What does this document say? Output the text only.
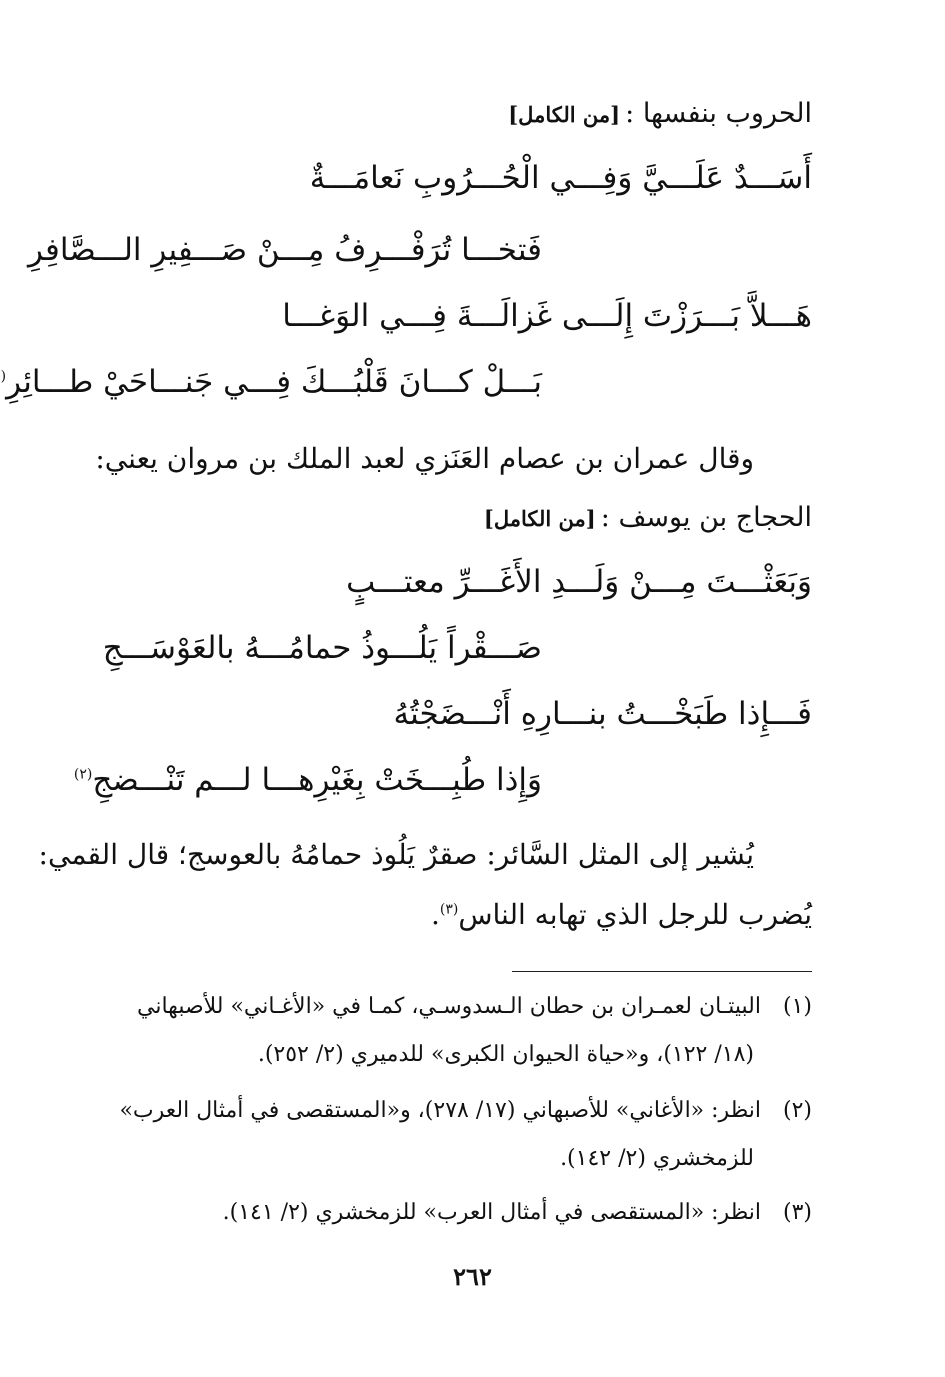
الحروب بنفسها : [من الكامل]
أَسَـــدٌ عَلَـــيَّ وَفِـــي الْحُـــرُوبِ نَعامَـــةٌ
فَتخـــا تُرَفْـــرِفُ مِـــنْ صَـــفِيرِ الـــصَّافِرِ
هَـــلاَّ بَـــرَزْتَ إِلَـــى غَزالَـــةَ فِـــي الوَغـــا
بَـــلْ كـــانَ قَلْبُـــكَ فِـــي جَنـــاحَيْ طـــائِرِ(
وقال عمران بن عصام العَنَزي لعبد الملك بن مروان يعني:
الحجاج بن يوسف : [من الكامل]
وَبَعَثْـــتَ مِـــنْ وَلَـــدِ الأَغَـــرِّ معتـــبٍ
صَـــقْراً يَلُـــوذُ حمامُـــهُ بالعَوْسَـــجِ
فَـــإِذا طَبَخْـــتُ بنـــارِهِ أَنْـــضَجْتُهُ
وَإِذا طُبِـــخَتْ بِغَيْرِهـــا لـــم تَنْـــضجِ$^{(٢)}$
يُشير إلى المثل السَّائر: صقرٌ يَلُوذ حمامُهُ بالعوسج؛ قال القمي:
يُضرب للرجل الذي تهابه الناس$^{(٣)}$.
(١)البيتـان لعمـران بن حطان الـسدوسـي، كمـا في «الأغـاني» للأصبهاني
(١٨/ ١٢٢)، و«حياة الحيوان الكبرى» للدميري (٢/ ٢٥٢).
(٢)انظر: «الأغاني» للأصبهاني (١٧/ ٢٧٨)، و«المستقصى في أمثال العرب»
للزمخشري (٢/ ١٤٢).
(٣)انظر: «المستقصى في أمثال العرب» للزمخشري (٢/ ١٤١).
٢٦٢
